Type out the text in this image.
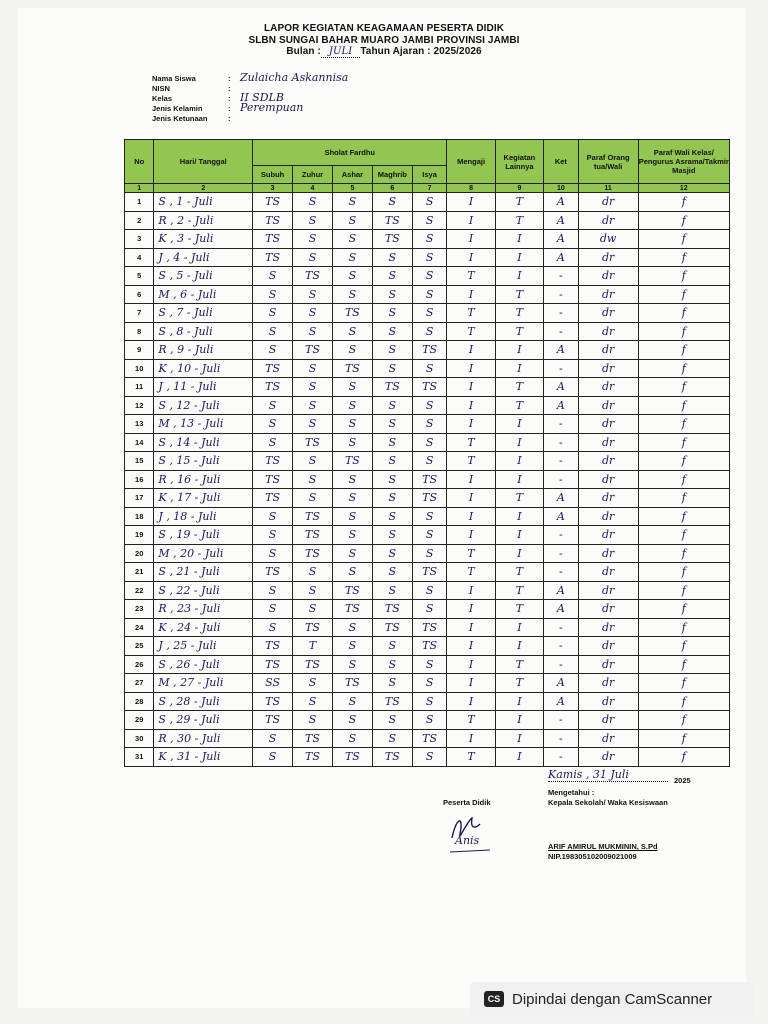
LAPOR KEGIATAN KEAGAMAAN PESERTA DIDIK
SLBN SUNGAI BAHAR MUARO JAMBI PROVINSI JAMBI
Bulan : JULI Tahun Ajaran : 2025/2026
Nama Siswa	: Zulaicha Askannisa
NISN	:
Kelas	: II SDLB
Jenis Kelamin	: Perempuan
Jenis Ketunaan	:
No	Hari/ Tanggal	Sholat Fardhu					Mengaji	Kegiatan Lainnya	Ket	Paraf Orang tua/Wali	Paraf Wali Kelas/ Pengurus Asrama/Takmir Masjid
		Subuh	Zuhur	Ashar	Maghrib	Isya					
1	2	3	4	5	6	7	8	9	10	11	12
1	S , 1 - Juli	TS	S	S	S	S	I	T	A	dr	f
2	R , 2 - Juli	TS	S	S	TS	S	I	T	A	dr	f
3	K , 3 - Juli	TS	S	S	TS	S	I	I	A	dw	f
4	J , 4 - Juli	TS	S	S	S	S	I	I	A	dr	f
5	S , 5 - Juli	S	TS	S	S	S	T	I	-	dr	f
6	M , 6 - Juli	S	S	S	S	S	I	T	-	dr	f
7	S , 7 - Juli	S	S	TS	S	S	T	T	-	dr	f
8	S , 8 - Juli	S	S	S	S	S	T	T	-	dr	f
9	R , 9 - Juli	S	TS	S	S	TS	I	I	A	dr	f
10	K , 10 - Juli	TS	S	TS	S	S	I	I	-	dr	f
11	J , 11 - Juli	TS	S	S	TS	TS	I	T	A	dr	f
12	S , 12 - Juli	S	S	S	S	S	I	T	A	dr	f
13	M , 13 - Juli	S	S	S	S	S	I	I	-	dr	f
14	S , 14 - Juli	S	TS	S	S	S	T	I	-	dr	f
15	S , 15 - Juli	TS	S	TS	S	S	T	I	-	dr	f
16	R , 16 - Juli	TS	S	S	S	TS	I	I	-	dr	f
17	K , 17 - Juli	TS	S	S	S	TS	I	T	A	dr	f
18	J , 18 - Juli	S	TS	S	S	S	I	I	A	dr	f
19	S , 19 - Juli	S	TS	S	S	S	I	I	-	dr	f
20	M , 20 - Juli	S	TS	S	S	S	T	I	-	dr	f
21	S , 21 - Juli	TS	S	S	S	TS	T	T	-	dr	f
22	S , 22 - Juli	S	S	TS	S	S	I	T	A	dr	f
23	R , 23 - Juli	S	S	TS	TS	S	I	T	A	dr	f
24	K , 24 - Juli	S	TS	S	TS	TS	I	I	-	dr	f
25	J , 25 - Juli	TS	T	S	S	TS	I	I	-	dr	f
26	S , 26 - Juli	TS	TS	S	S	S	I	T	-	dr	f
27	M , 27 - Juli	SS	S	TS	S	S	I	T	A	dr	f
28	S , 28 - Juli	TS	S	S	TS	S	I	I	A	dr	f
29	S , 29 - Juli	TS	S	S	S	S	T	I	-	dr	f
30	R , 30 - Juli	S	TS	S	S	TS	I	I	-	dr	f
31	K , 31 - Juli	S	TS	TS	TS	S	T	I	-	dr	f
Kamis , 31 Juli	2025
Mengetahui :
Kepala Sekolah/ Waka Kesiswaan
Peserta Didik
Anis	ARIF AMIRUL MUKMININ, S.Pd
NIP.198305102009021009
CS Dipindai dengan CamScanner
